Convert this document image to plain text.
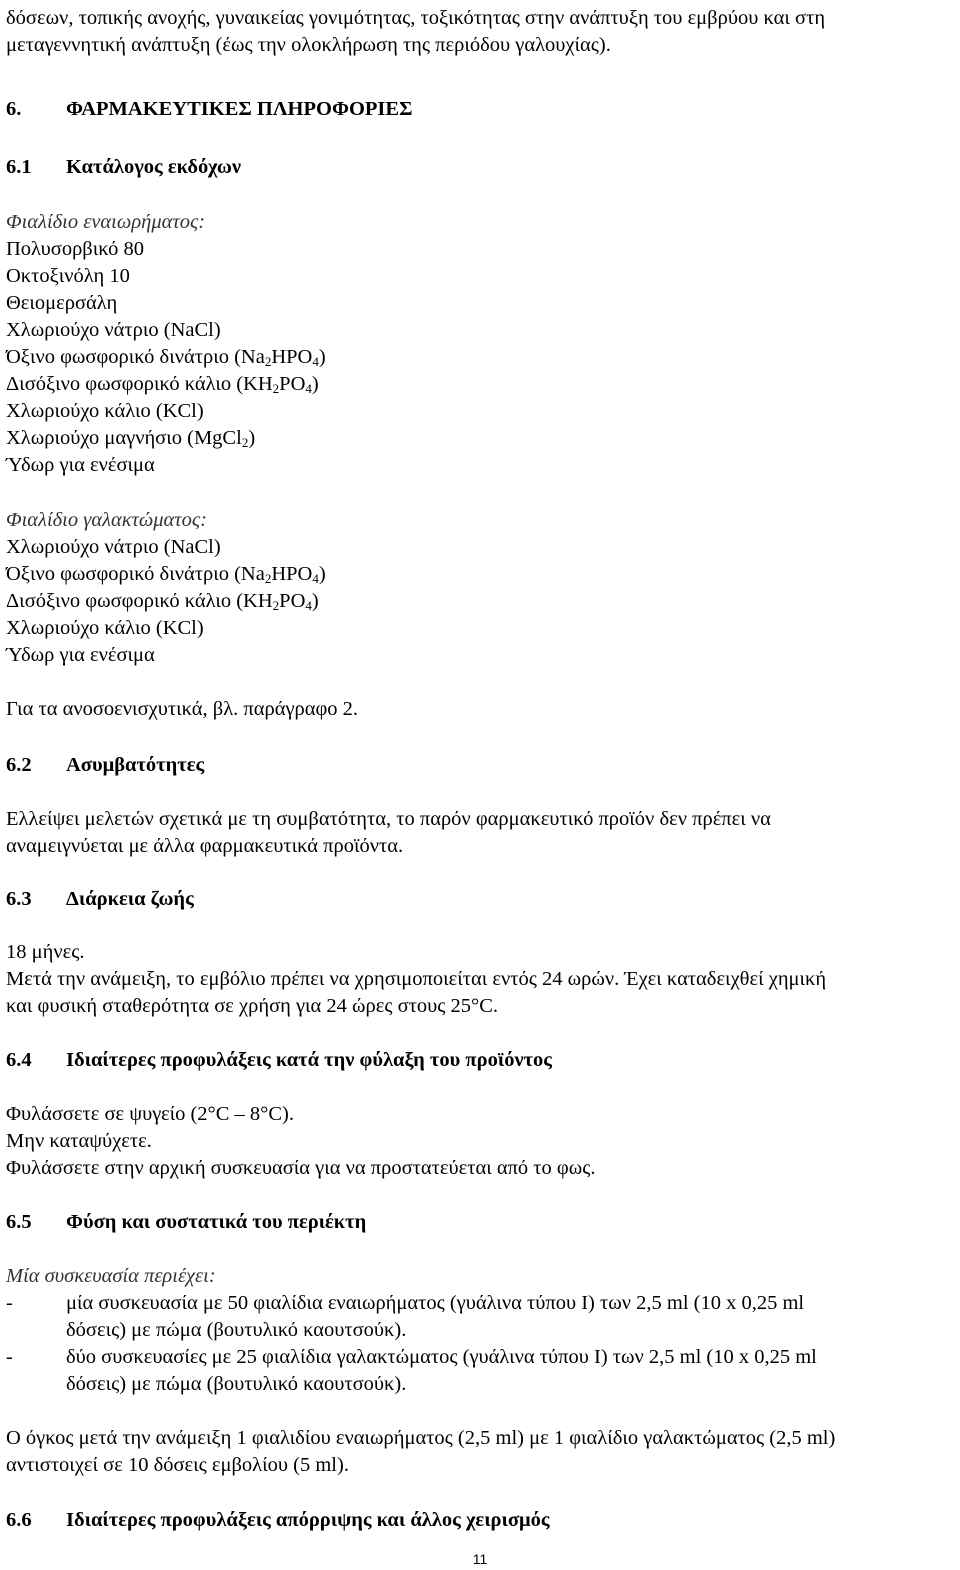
δόσεων, τοπικής ανοχής, γυναικείας γονιμότητας, τοξικότητας στην ανάπτυξη του εμβρύου και στη

μεταγεννητική ανάπτυξη (έως την ολοκλήρωση της περιόδου γαλουχίας).

6.	ΦΑΡΜΑΚΕΥΤΙΚΕΣ ΠΛΗΡΟΦΟΡΙΕΣ
6.1	Κατάλογος εκδόχων

Φιαλίδιο εναιωρήματος:

Πολυσορβικό 80

Οκτοξινόλη 10

Θειομερσάλη

Χλωριούχο νάτριο (NaCl)

Όξινο φωσφορικό δινάτριο $(Na_2HPO_4)$

Δισόξινο φωσφορικό κάλιο $(KH_2PO_4)$

Χλωριούχο κάλιο (KCl)

Χλωριούχο μαγνήσιο (MgCl$_2$)

Ύδωρ για ενέσιμα

Φιαλίδιο γαλακτώματος:

Χλωριούχο νάτριο (NaCl)

Όξινο φωσφορικό δινάτριο $(Na_2HPO_4)$

Δισόξινο φωσφορικό κάλιο $(KH_2PO_4)$

Χλωριούχο κάλιο (KCl)

Ύδωρ για ενέσιμα

Για τα ανοσοενισχυτικά, βλ. παράγραφο 2.

6.2	Ασυμβατότητες

Ελλείψει μελετών σχετικά με τη συμβατότητα, το παρόν φαρμακευτικό προϊόν δεν πρέπει να

αναμειγνύεται με άλλα φαρμακευτικά προϊόντα.

6.3	Διάρκεια ζωής

18 μήνες.

Μετά την ανάμειξη, το εμβόλιο πρέπει να χρησιμοποιείται εντός 24 ωρών. Έχει καταδειχθεί χημική

και φυσική σταθερότητα σε χρήση για 24 ώρες στους 25°C.

6.4	Ιδιαίτερες προφυλάξεις κατά την φύλαξη του προϊόντος

Φυλάσσετε σε ψυγείο (2°C – 8°C).

Μην καταψύχετε.

Φυλάσσετε στην αρχική συσκευασία για να προστατεύεται από το φως.

6.5	Φύση και συστατικά του περιέκτη

Μία συσκευασία περιέχει:

-	μία συσκευασία με 50 φιαλίδια εναιωρήματος (γυάλινα τύπου I) των 2,5 ml (10 x 0,25 ml

δόσεις) με πώμα (βουτυλικό καουτσούκ).

-	δύο συσκευασίες με 25 φιαλίδια γαλακτώματος (γυάλινα τύπου I) των 2,5 ml (10 x 0,25 ml

δόσεις) με πώμα (βουτυλικό καουτσούκ).

Ο όγκος μετά την ανάμειξη 1 φιαλιδίου εναιωρήματος (2,5 ml) με 1 φιαλίδιο γαλακτώματος (2,5 ml)

αντιστοιχεί σε 10 δόσεις εμβολίου (5 ml).

6.6	Ιδιαίτερες προφυλάξεις απόρριψης και άλλος χειρισμός
11
